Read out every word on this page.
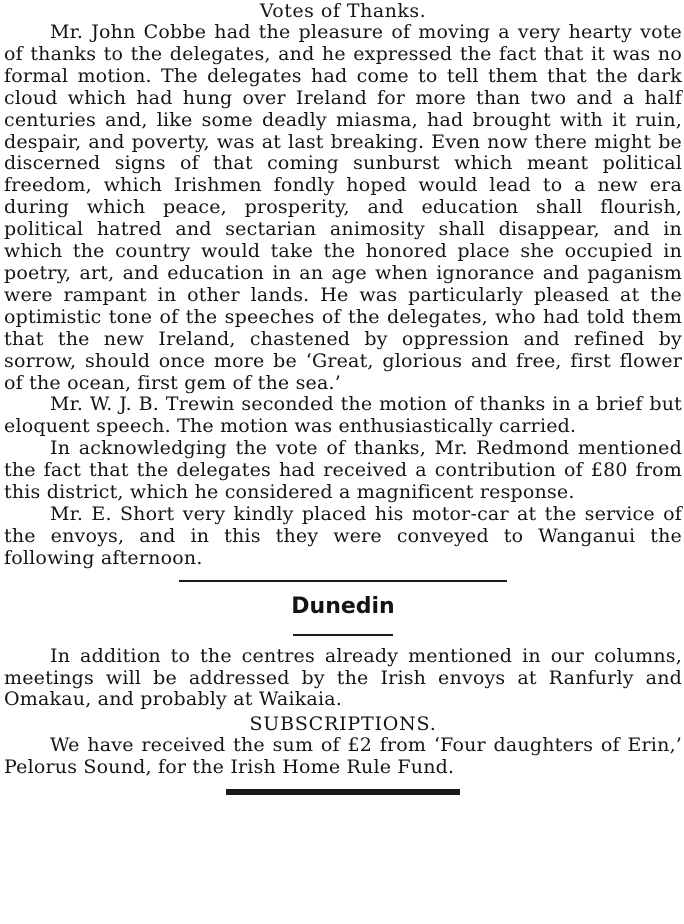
Votes of Thanks.

Mr. John Cobbe had the pleasure of moving a very hearty vote of thanks to the delegates, and he expressed the fact that it was no formal motion. The delegates had come to tell them that the dark cloud which had hung over Ireland for more than two and a half centuries and, like some deadly miasma, had brought with it ruin, despair, and poverty, was at last breaking. Even now there might be discerned signs of that coming sunburst which meant political freedom, which Irishmen fondly hoped would lead to a new era during which peace, prosperity, and education shall flourish, political hatred and sectarian animosity shall disappear, and in which the country would take the honored place she occupied in poetry, art, and education in an age when ignorance and paganism were rampant in other lands. He was particularly pleased at the optimistic tone of the speeches of the delegates, who had told them that the new Ireland, chastened by oppression and refined by sorrow, should once more be ‘Great, glorious and free, first flower of the ocean, first gem of the sea.’

Mr. W. J. B. Trewin seconded the motion of thanks in a brief but eloquent speech. The motion was enthusiastically carried.

In acknowledging the vote of thanks, Mr. Redmond mentioned the fact that the delegates had received a contribution of £80 from this district, which he considered a magnificent response.

Mr. E. Short very kindly placed his motor-car at the service of the envoys, and in this they were conveyed to Wanganui the following afternoon.

Dunedin

In addition to the centres already mentioned in our columns, meetings will be addressed by the Irish envoys at Ranfurly and Omakau, and probably at Waikaia.

SUBSCRIPTIONS.

We have received the sum of £2 from ‘Four daughters of Erin,’ Pelorus Sound, for the Irish Home Rule Fund.
